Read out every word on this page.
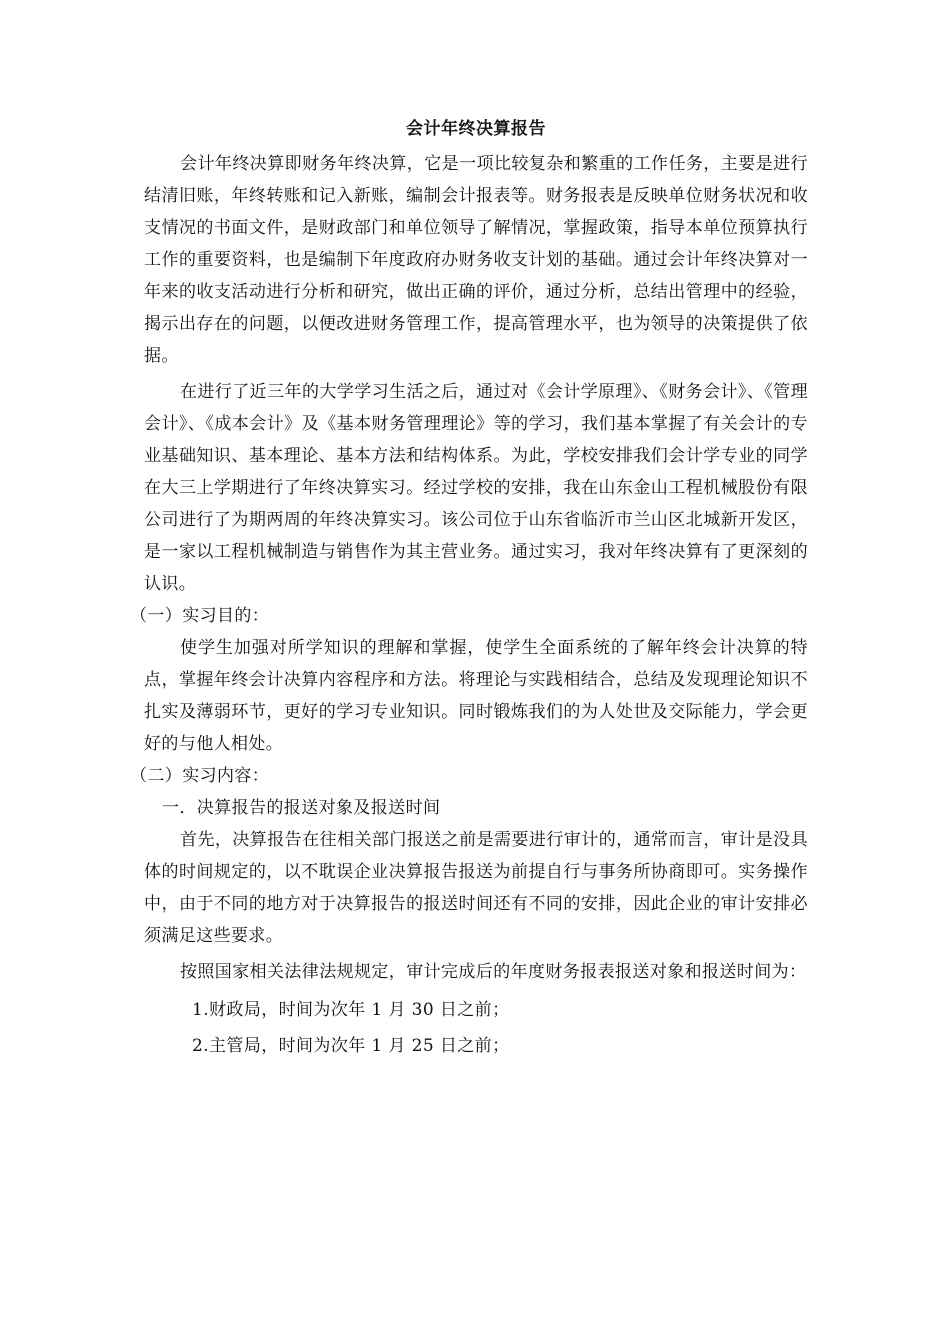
会计年终决算报告

会计年终决算即财务年终决算，它是一项比较复杂和繁重的工作任务，主要是进行结清旧账，年终转账和记入新账，编制会计报表等。财务报表是反映单位财务状况和收支情况的书面文件，是财政部门和单位领导了解情况，掌握政策，指导本单位预算执行工作的重要资料，也是编制下年度政府办财务收支计划的基础。通过会计年终决算对一年来的收支活动进行分析和研究，做出正确的评价，通过分析，总结出管理中的经验，揭示出存在的问题，以便改进财务管理工作，提高管理水平，也为领导的决策提供了依据。

在进行了近三年的大学学习生活之后，通过对《会计学原理》、《财务会计》、《管理会计》、《成本会计》及《基本财务管理理论》等的学习，我们基本掌握了有关会计的专业基础知识、基本理论、基本方法和结构体系。为此，学校安排我们会计学专业的同学在大三上学期进行了年终决算实习。经过学校的安排，我在山东金山工程机械股份有限公司进行了为期两周的年终决算实习。该公司位于山东省临沂市兰山区北城新开发区，是一家以工程机械制造与销售作为其主营业务。通过实习，我对年终决算有了更深刻的认识。

（一）实习目的：

使学生加强对所学知识的理解和掌握，使学生全面系统的了解年终会计决算的特点，掌握年终会计决算内容程序和方法。将理论与实践相结合，总结及发现理论知识不扎实及薄弱环节，更好的学习专业知识。同时锻炼我们的为人处世及交际能力，学会更好的与他人相处。

（二）实习内容：

一．决算报告的报送对象及报送时间

首先，决算报告在往相关部门报送之前是需要进行审计的，通常而言，审计是没具体的时间规定的，以不耽误企业决算报告报送为前提自行与事务所协商即可。实务操作中，由于不同的地方对于决算报告的报送时间还有不同的安排，因此企业的审计安排必须满足这些要求。

按照国家相关法律法规规定，审计完成后的年度财务报表报送对象和报送时间为：

1.财政局，时间为次年 1 月 30 日之前；

2.主管局，时间为次年 1 月 25 日之前；
